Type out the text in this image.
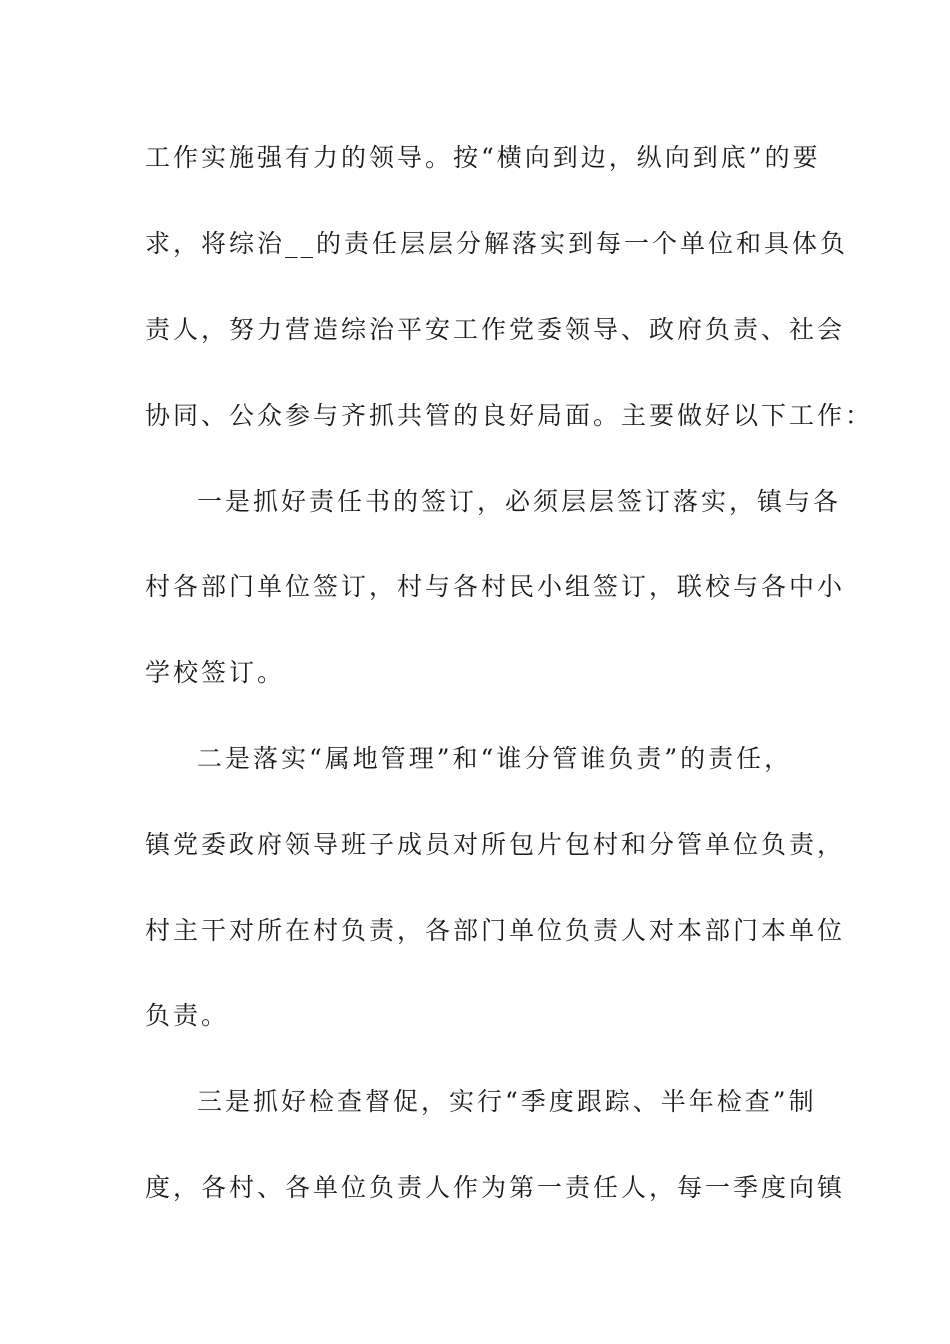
工作实施强有力的领导。按“横向到边，纵向到底”的要
求，将综治__的责任层层分解落实到每一个单位和具体负
责人，努力营造综治平安工作党委领导、政府负责、社会
协同、公众参与齐抓共管的良好局面。主要做好以下工作：
一是抓好责任书的签订，必须层层签订落实，镇与各
村各部门单位签订，村与各村民小组签订，联校与各中小
学校签订。
二是落实“属地管理”和“谁分管谁负责”的责任，
镇党委政府领导班子成员对所包片包村和分管单位负责，
村主干对所在村负责，各部门单位负责人对本部门本单位
负责。
三是抓好检查督促，实行“季度跟踪、半年检查”制
度，各村、各单位负责人作为第一责任人，每一季度向镇
